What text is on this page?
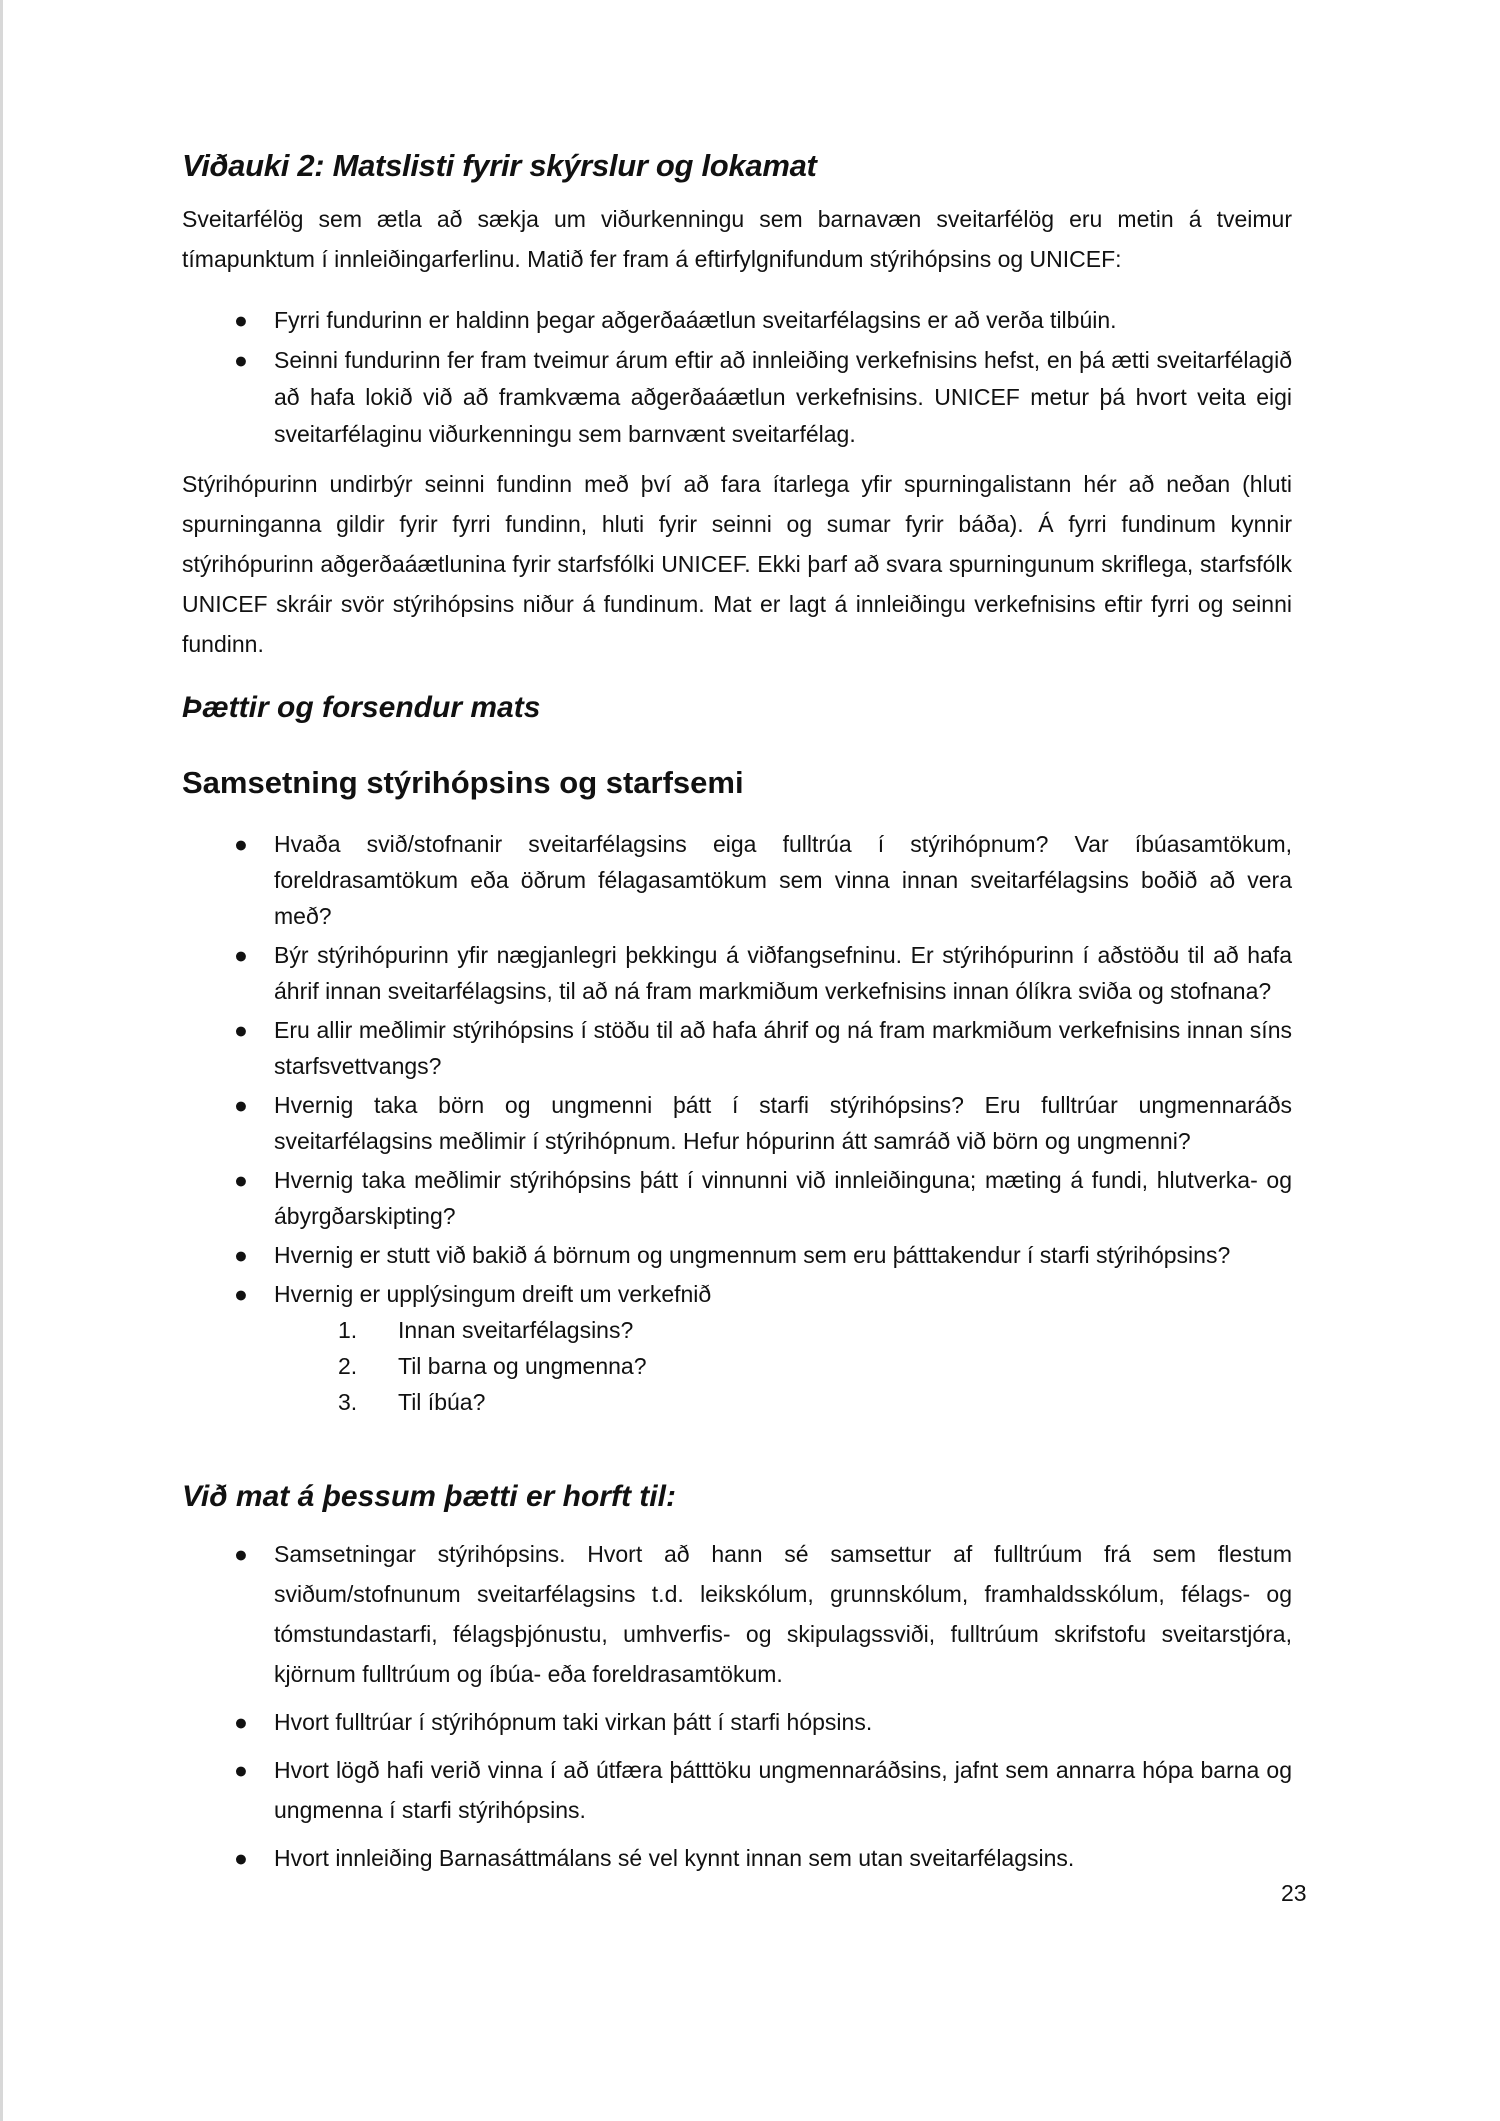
Viðauki 2: Matslisti fyrir skýrslur og lokamat

Sveitarfélög sem ætla að sækja um viðurkenningu sem barnavæn sveitarfélög eru metin á tveimur tímapunktum í innleiðingarferlinu. Matið fer fram á eftirfylgnifundum stýrihópsins og UNICEF:

● Fyrri fundurinn er haldinn þegar aðgerðaáætlun sveitarfélagsins er að verða tilbúin.
● Seinni fundurinn fer fram tveimur árum eftir að innleiðing verkefnisins hefst, en þá ætti sveitarfélagið að hafa lokið við að framkvæma aðgerðaáætlun verkefnisins. UNICEF metur þá hvort veita eigi sveitarfélaginu viðurkenningu sem barnvænt sveitarfélag.

Stýrihópurinn undirbýr seinni fundinn með því að fara ítarlega yfir spurningalistann hér að neðan (hluti spurninganna gildir fyrir fyrri fundinn, hluti fyrir seinni og sumar fyrir báða). Á fyrri fundinum kynnir stýrihópurinn aðgerðaáætlunina fyrir starfsfólki UNICEF. Ekki þarf að svara spurningunum skriflega, starfsfólk UNICEF skráir svör stýrihópsins niður á fundinum. Mat er lagt á innleiðingu verkefnisins eftir fyrri og seinni fundinn.

Þættir og forsendur mats
Samsetning stýrihópsins og starfsemi
● Hvaða svið/stofnanir sveitarfélagsins eiga fulltrúa í stýrihópnum? Var íbúasamtökum, foreldrasamtökum eða öðrum félagasamtökum sem vinna innan sveitarfélagsins boðið að vera með?
● Býr stýrihópurinn yfir nægjanlegri þekkingu á viðfangsefninu. Er stýrihópurinn í aðstöðu til að hafa áhrif innan sveitarfélagsins, til að ná fram markmiðum verkefnisins innan ólíkra sviða og stofnana?
● Eru allir meðlimir stýrihópsins í stöðu til að hafa áhrif og ná fram markmiðum verkefnisins innan síns starfsvettvangs?
● Hvernig taka börn og ungmenni þátt í starfi stýrihópsins? Eru fulltrúar ungmennaráðs sveitarfélagsins meðlimir í stýrihópnum. Hefur hópurinn átt samráð við börn og ungmenni?
● Hvernig taka meðlimir stýrihópsins þátt í vinnunni við innleiðinguna; mæting á fundi, hlutverka- og ábyrgðarskipting?
● Hvernig er stutt við bakið á börnum og ungmennum sem eru þátttakendur í starfi stýrihópsins?
● Hvernig er upplýsingum dreift um verkefnið
1. Innan sveitarfélagsins?
2. Til barna og ungmenna?
3. Til íbúa?
Við mat á þessum þætti er horft til:
● Samsetningar stýrihópsins. Hvort að hann sé samsettur af fulltrúum frá sem flestum sviðum/stofnunum sveitarfélagsins t.d. leikskólum, grunnskólum, framhaldsskólum, félags- og tómstundastarfi, félagsþjónustu, umhverfis- og skipulagssviði, fulltrúum skrifstofu sveitarstjóra, kjörnum fulltrúum og íbúa- eða foreldrasamtökum.
● Hvort fulltrúar í stýrihópnum taki virkan þátt í starfi hópsins.
● Hvort lögð hafi verið vinna í að útfæra þátttöku ungmennaráðsins, jafnt sem annarra hópa barna og ungmenna í starfi stýrihópsins.
● Hvort innleiðing Barnasáttmálans sé vel kynnt innan sem utan sveitarfélagsins.
23
